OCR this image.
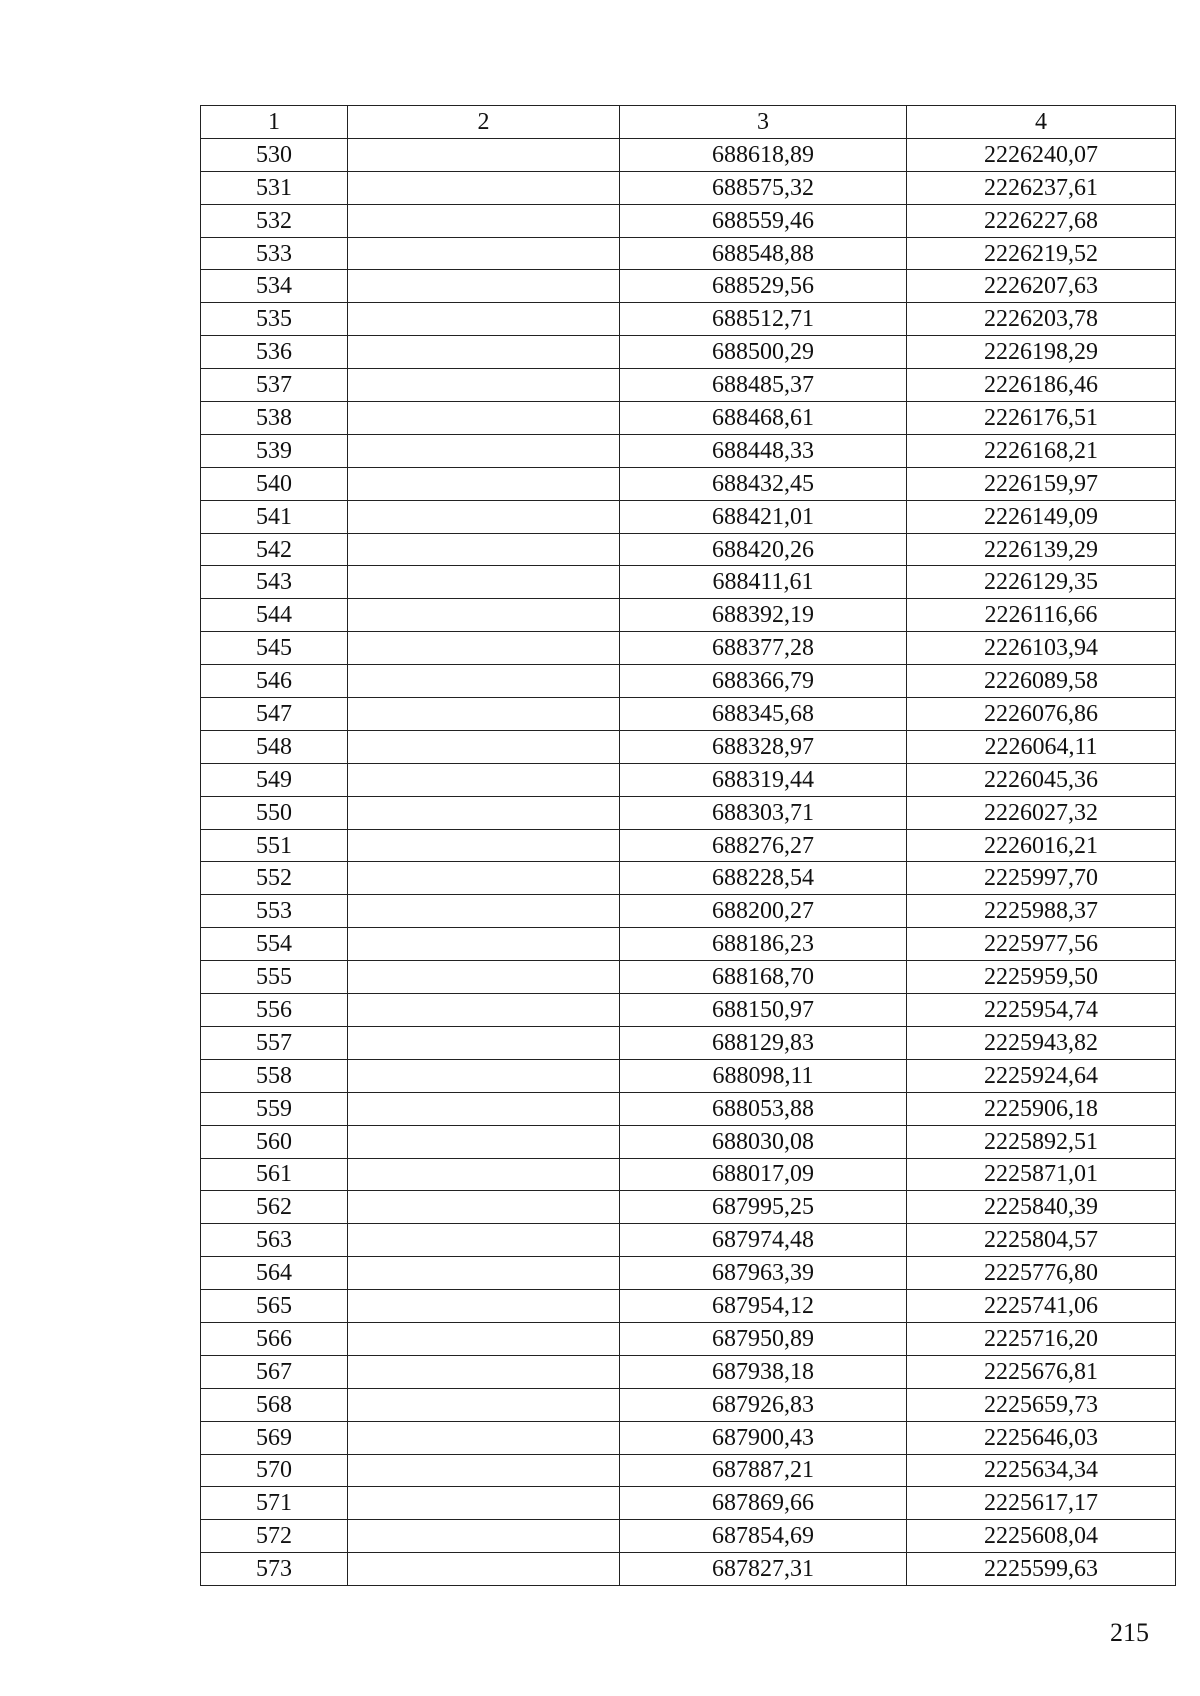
1	2	3	4
530		688618,89	2226240,07
531		688575,32	2226237,61
532		688559,46	2226227,68
533		688548,88	2226219,52
534		688529,56	2226207,63
535		688512,71	2226203,78
536		688500,29	2226198,29
537		688485,37	2226186,46
538		688468,61	2226176,51
539		688448,33	2226168,21
540		688432,45	2226159,97
541		688421,01	2226149,09
542		688420,26	2226139,29
543		688411,61	2226129,35
544		688392,19	2226116,66
545		688377,28	2226103,94
546		688366,79	2226089,58
547		688345,68	2226076,86
548		688328,97	2226064,11
549		688319,44	2226045,36
550		688303,71	2226027,32
551		688276,27	2226016,21
552		688228,54	2225997,70
553		688200,27	2225988,37
554		688186,23	2225977,56
555		688168,70	2225959,50
556		688150,97	2225954,74
557		688129,83	2225943,82
558		688098,11	2225924,64
559		688053,88	2225906,18
560		688030,08	2225892,51
561		688017,09	2225871,01
562		687995,25	2225840,39
563		687974,48	2225804,57
564		687963,39	2225776,80
565		687954,12	2225741,06
566		687950,89	2225716,20
567		687938,18	2225676,81
568		687926,83	2225659,73
569		687900,43	2225646,03
570		687887,21	2225634,34
571		687869,66	2225617,17
572		687854,69	2225608,04
573		687827,31	2225599,63
215
